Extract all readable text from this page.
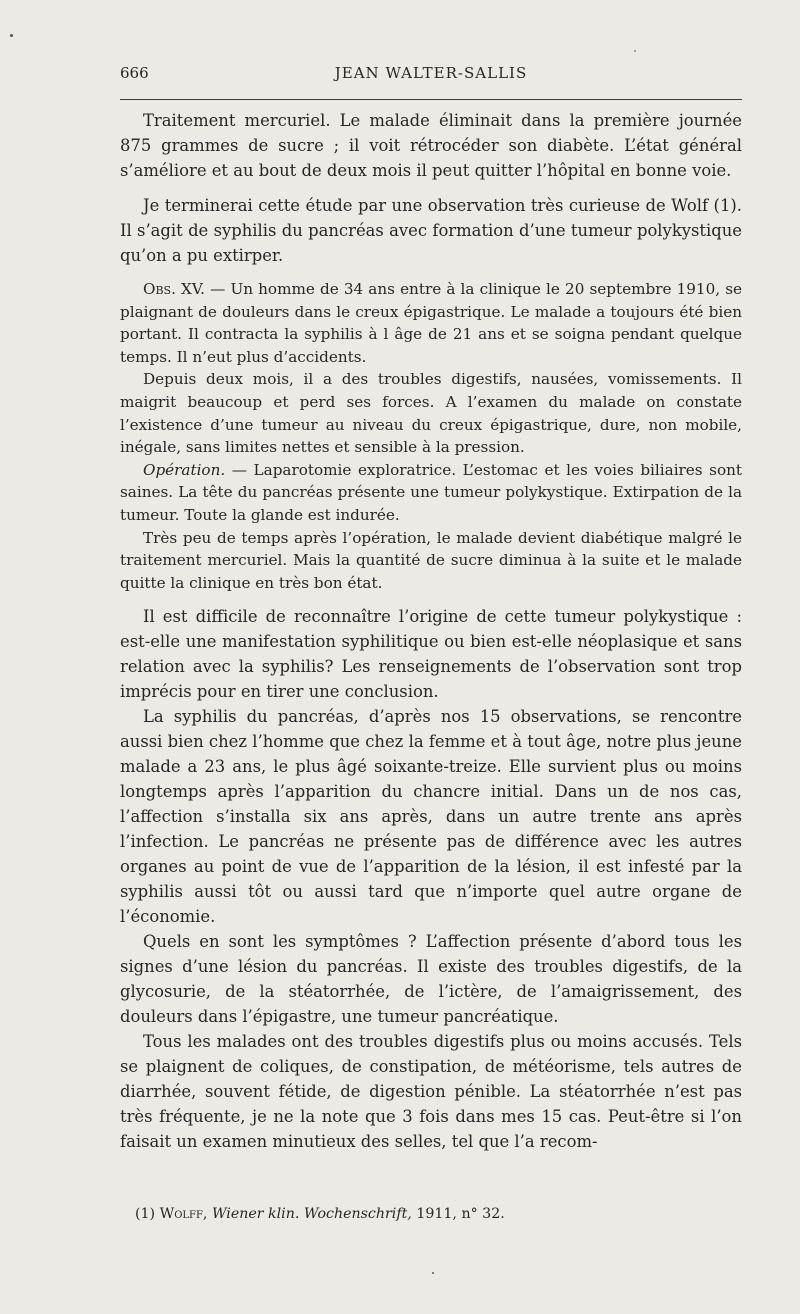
666	JEAN WALTER-SALLIS

Traitement mercuriel. Le malade éliminait dans la première journée 875 grammes de sucre ; il voit rétrocéder son diabète. L’état général s’améliore et au bout de deux mois il peut quitter l’hôpital en bonne voie.

Je terminerai cette étude par une observation très curieuse de Wolf (1). Il s’agit de syphilis du pancréas avec formation d’une tumeur polykystique qu’on a pu extirper.

Obs. XV. — Un homme de 34 ans entre à la clinique le 20 septembre 1910, se plaignant de douleurs dans le creux épigastrique. Le malade a toujours été bien portant. Il contracta la syphilis à l âge de 21 ans et se soigna pendant quelque temps. Il n’eut plus d’accidents.

Depuis deux mois, il a des troubles digestifs, nausées, vomissements. Il maigrit beaucoup et perd ses forces. A l’examen du malade on constate l’existence d’une tumeur au niveau du creux épigastrique, dure, non mobile, inégale, sans limites nettes et sensible à la pression.

Opération. — Laparotomie exploratrice. L’estomac et les voies biliaires sont saines. La tête du pancréas présente une tumeur polykystique. Extirpation de la tumeur. Toute la glande est indurée.

Très peu de temps après l’opération, le malade devient diabétique malgré le traitement mercuriel. Mais la quantité de sucre diminua à la suite et le malade quitte la clinique en très bon état.

Il est difficile de reconnaître l’origine de cette tumeur polykystique : est-elle une manifestation syphilitique ou bien est-elle néoplasique et sans relation avec la syphilis? Les renseignements de l’observation sont trop imprécis pour en tirer une conclusion.

La syphilis du pancréas, d’après nos 15 observations, se rencontre aussi bien chez l’homme que chez la femme et à tout âge, notre plus jeune malade a 23 ans, le plus âgé soixante-treize. Elle survient plus ou moins longtemps après l’apparition du chancre initial. Dans un de nos cas, l’affection s’installa six ans après, dans un autre trente ans après l’infection. Le pancréas ne présente pas de différence avec les autres organes au point de vue de l’apparition de la lésion, il est infesté par la syphilis aussi tôt ou aussi tard que n’importe quel autre organe de l’économie.

Quels en sont les symptômes ? L’affection présente d’abord tous les signes d’une lésion du pancréas. Il existe des troubles digestifs, de la glycosurie, de la stéatorrhée, de l’ictère, de l’amaigrissement, des douleurs dans l’épigastre, une tumeur pancréatique.

Tous les malades ont des troubles digestifs plus ou moins accusés. Tels se plaignent de coliques, de constipation, de météorisme, tels autres de diarrhée, souvent fétide, de digestion pénible. La stéatorrhée n’est pas très fréquente, je ne la note que 3 fois dans mes 15 cas. Peut-être si l’on faisait un examen minutieux des selles, tel que l’a recom-

(1) Wolff, Wiener klin. Wochenschrift, 1911, n° 32.
